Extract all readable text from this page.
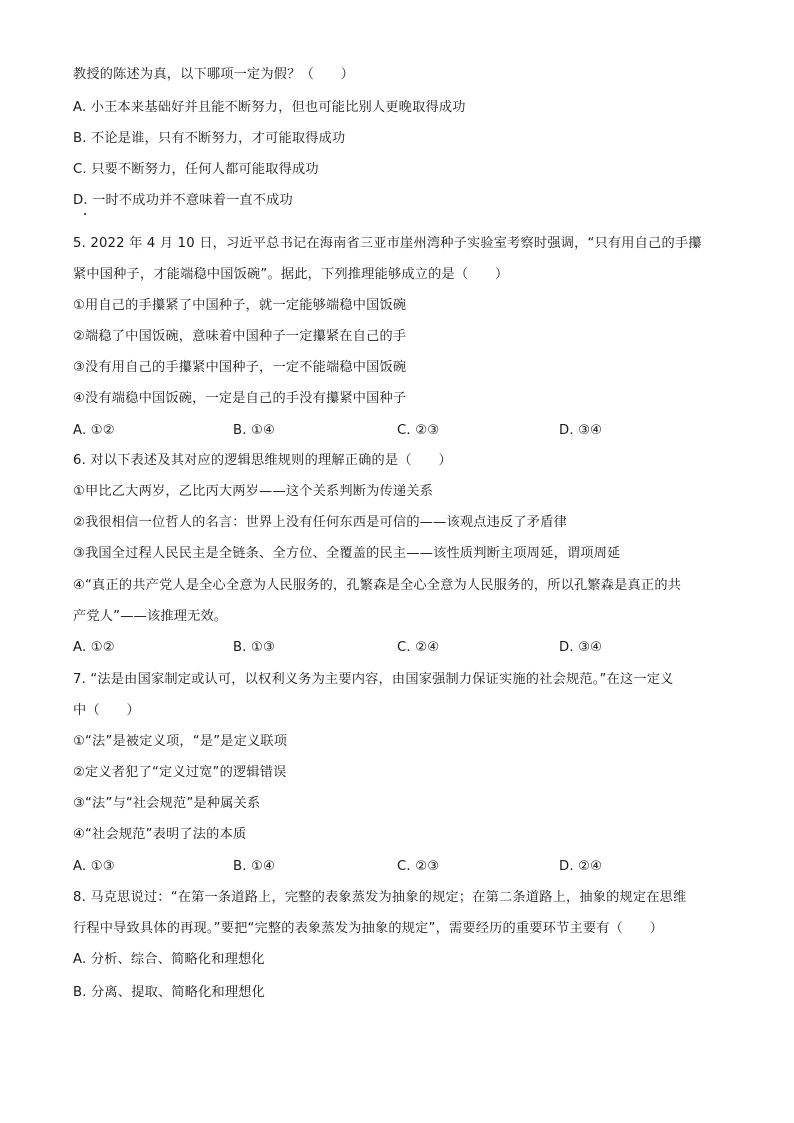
教授的陈述为真，以下哪项一定为假？（　　）
A. 小王本来基础好并且能不断努力，但也可能比别人更晚取得成功
B. 不论是谁，只有不断努力，才可能取得成功
C. 只要不断努力，任何人都可能取得成功
D. 一时不成功并不意味着一直不成功
5. 2022 年 4 月 10 日，习近平总书记在海南省三亚市崖州湾种子实验室考察时强调，“只有用自己的手攥
紧中国种子，才能端稳中国饭碗”。据此，下列推理能够成立的是（　　）
①用自己的手攥紧了中国种子，就一定能够端稳中国饭碗
②端稳了中国饭碗，意味着中国种子一定攥紧在自己的手
③没有用自己的手攥紧中国种子，一定不能端稳中国饭碗
④没有端稳中国饭碗，一定是自己的手没有攥紧中国种子
A. ①②	B. ①④	C. ②③	D. ③④
6. 对以下表述及其对应的逻辑思维规则的理解正确的是（　　）
①甲比乙大两岁，乙比丙大两岁——这个关系判断为传递关系
②我很相信一位哲人的名言：世界上没有任何东西是可信的——该观点违反了矛盾律
③我国全过程人民民主是全链条、全方位、全覆盖的民主——该性质判断主项周延，谓项周延
④“真正的共产党人是全心全意为人民服务的，孔繁森是全心全意为人民服务的，所以孔繁森是真正的共
产党人”——该推理无效。
A. ①②	B. ①③	C. ②④	D. ③④
7. “法是由国家制定或认可，以权利义务为主要内容，由国家强制力保证实施的社会规范。”在这一定义
中（　　）
①“法”是被定义项，“是”是定义联项
②定义者犯了“定义过宽”的逻辑错误
③“法”与“社会规范”是种属关系
④“社会规范”表明了法的本质
A. ①③	B. ①④	C. ②③	D. ②④
8. 马克思说过：“在第一条道路上，完整的表象蒸发为抽象的规定；在第二条道路上，抽象的规定在思维
行程中导致具体的再现。”要把“完整的表象蒸发为抽象的规定”，需要经历的重要环节主要有（　　）
A. 分析、综合、简略化和理想化
B. 分离、提取、简略化和理想化
